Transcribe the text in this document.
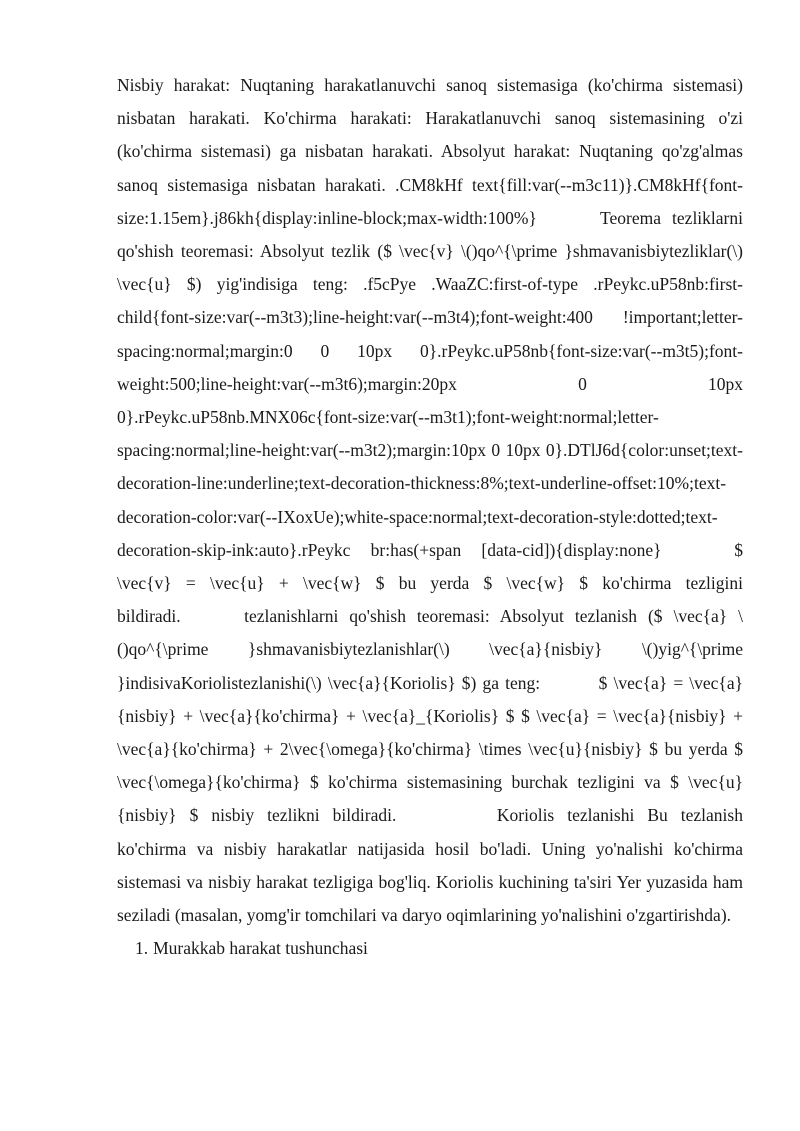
Nisbiy harakat: Nuqtaning harakatlanuvchi sanoq sistemasiga (ko'chirma sistemasi) nisbatan harakati. Ko'chirma harakati: Harakatlanuvchi sanoq sistemasining o'zi (ko'chirma sistemasi) ga nisbatan harakati. Absolyut harakat: Nuqtaning qo'zg'almas sanoq sistemasiga nisbatan harakati. .CM8kHf text{fill:var(--m3c11)}.CM8kHf{font-size:1.15em}.j86kh{display:inline-block;max-width:100%}    Teorema tezliklarni qo'shish teoremasi: Absolyut tezlik ($ \vec{v} \()qo^{\prime }shmavanisbiytezliklar(\) \vec{u} $) yig'indisiga teng: .f5cPye .WaaZC:first-of-type .rPeykc.uP58nb:first-child{font-size:var(--m3t3);line-height:var(--m3t4);font-weight:400 !important;letter-spacing:normal;margin:0 0 10px 0}.rPeykc.uP58nb{font-size:var(--m3t5);font-weight:500;line-height:var(--m3t6);margin:20px 0 10px 0}.rPeykc.uP58nb.MNX06c{font-size:var(--m3t1);font-weight:normal;letter-spacing:normal;line-height:var(--m3t2);margin:10px 0 10px 0}.DTlJ6d{color:unset;text-decoration-line:underline;text-decoration-thickness:8%;text-underline-offset:10%;text-decoration-color:var(--IXoxUe);white-space:normal;text-decoration-style:dotted;text-decoration-skip-ink:auto}.rPeykc br:has(+span [data-cid]){display:none}    $ \vec{v} = \vec{u} + \vec{w} $ bu yerda $ \vec{w} $ ko'chirma tezligini bildiradi.    tezlanishlarni qo'shish teoremasi: Absolyut tezlanish ($ \vec{a} \()qo^{\prime }shmavanisbiytezlanishlar(\) \vec{a}{nisbiy} \()yig^{\prime }indisivaKoriolistezlanishi(\) \vec{a}{Koriolis} $) ga teng:    $ \vec{a} = \vec{a}{nisbiy} + \vec{a}{ko'chirma} + \vec{a}_{Koriolis} $ $ \vec{a} = \vec{a}{nisbiy} + \vec{a}{ko'chirma} + 2\vec{\omega}{ko'chirma} \times \vec{u}{nisbiy} $ bu yerda $ \vec{\omega}{ko'chirma} $ ko'chirma sistemasining burchak tezligini va $ \vec{u}{nisbiy} $ nisbiy tezlikni bildiradi.      Koriolis tezlanishi Bu tezlanish ko'chirma va nisbiy harakatlar natijasida hosil bo'ladi. Uning yo'nalishi ko'chirma sistemasi va nisbiy harakat tezligiga bog'liq. Koriolis kuchining ta'siri Yer yuzasida ham seziladi (masalan, yomg'ir tomchilari va daryo oqimlarining yo'nalishini o'zgartirishda).

1. Murakkab harakat tushunchasi
